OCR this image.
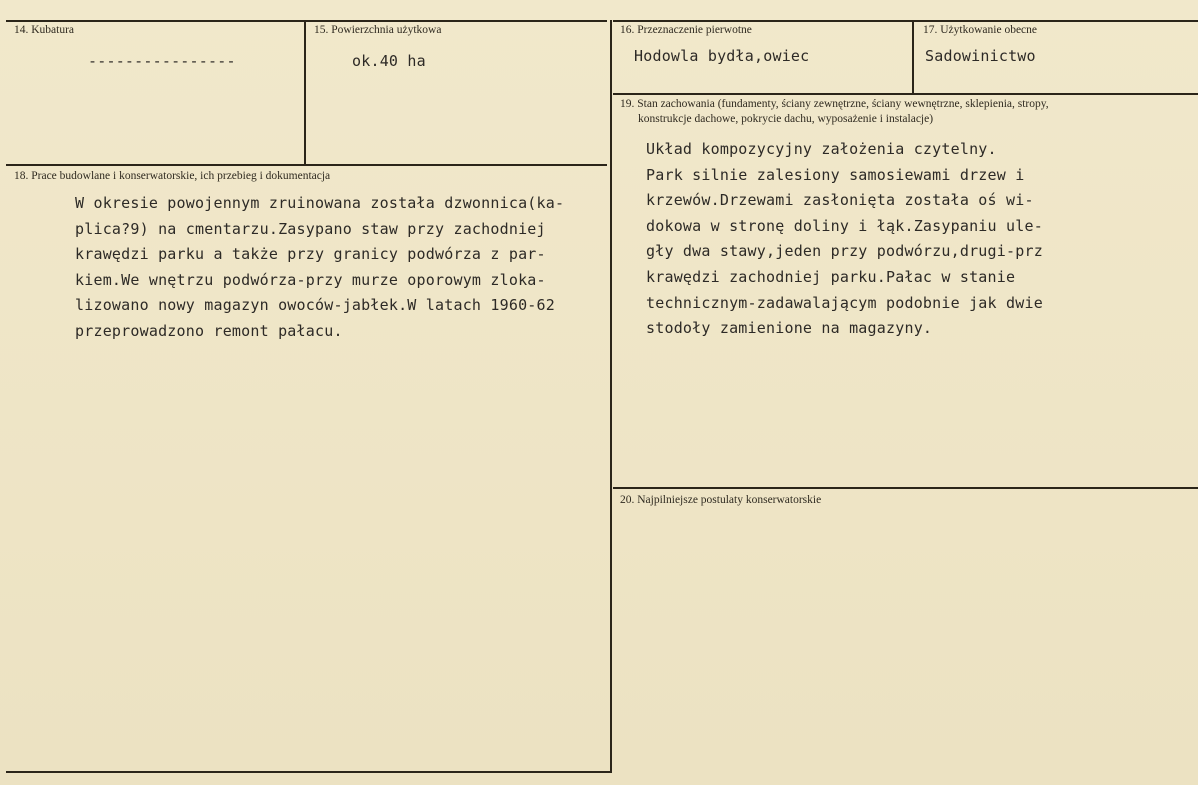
14. Kubatura
----------------
15. Powierzchnia użytkowa
ok.40 ha
16. Przeznaczenie pierwotne
Hodowla bydła,owiec
17. Użytkowanie obecne
Sadowinictwo
18. Prace budowlane i konserwatorskie, ich przebieg i dokumentacja
W okresie powojennym zruinowana została dzwonnica(ka-
plica?9) na cmentarzu.Zasypano staw przy zachodniej
krawędzi parku a także przy granicy podwórza z par-
kiem.We wnętrzu podwórza-przy murze oporowym zloka-
lizowano nowy magazyn owoców-jabłek.W latach 1960-62
przeprowadzono remont pałacu.
19. Stan zachowania (fundamenty, ściany zewnętrzne, ściany wewnętrzne, sklepienia, stropy,
konstrukcje dachowe, pokrycie dachu, wyposażenie i instalacje)
Układ kompozycyjny założenia czytelny.
Park silnie zalesiony samosiewami drzew i
krzewów.Drzewami zasłonięta została oś wi-
dokowa w stronę doliny i łąk.Zasypaniu ule-
gły dwa stawy,jeden przy podwórzu,drugi-prz
krawędzi zachodniej parku.Pałac w stanie
technicznym-zadawalającym podobnie jak dwie
stodoły zamienione na magazyny.
20. Najpilniejsze postulaty konserwatorskie
